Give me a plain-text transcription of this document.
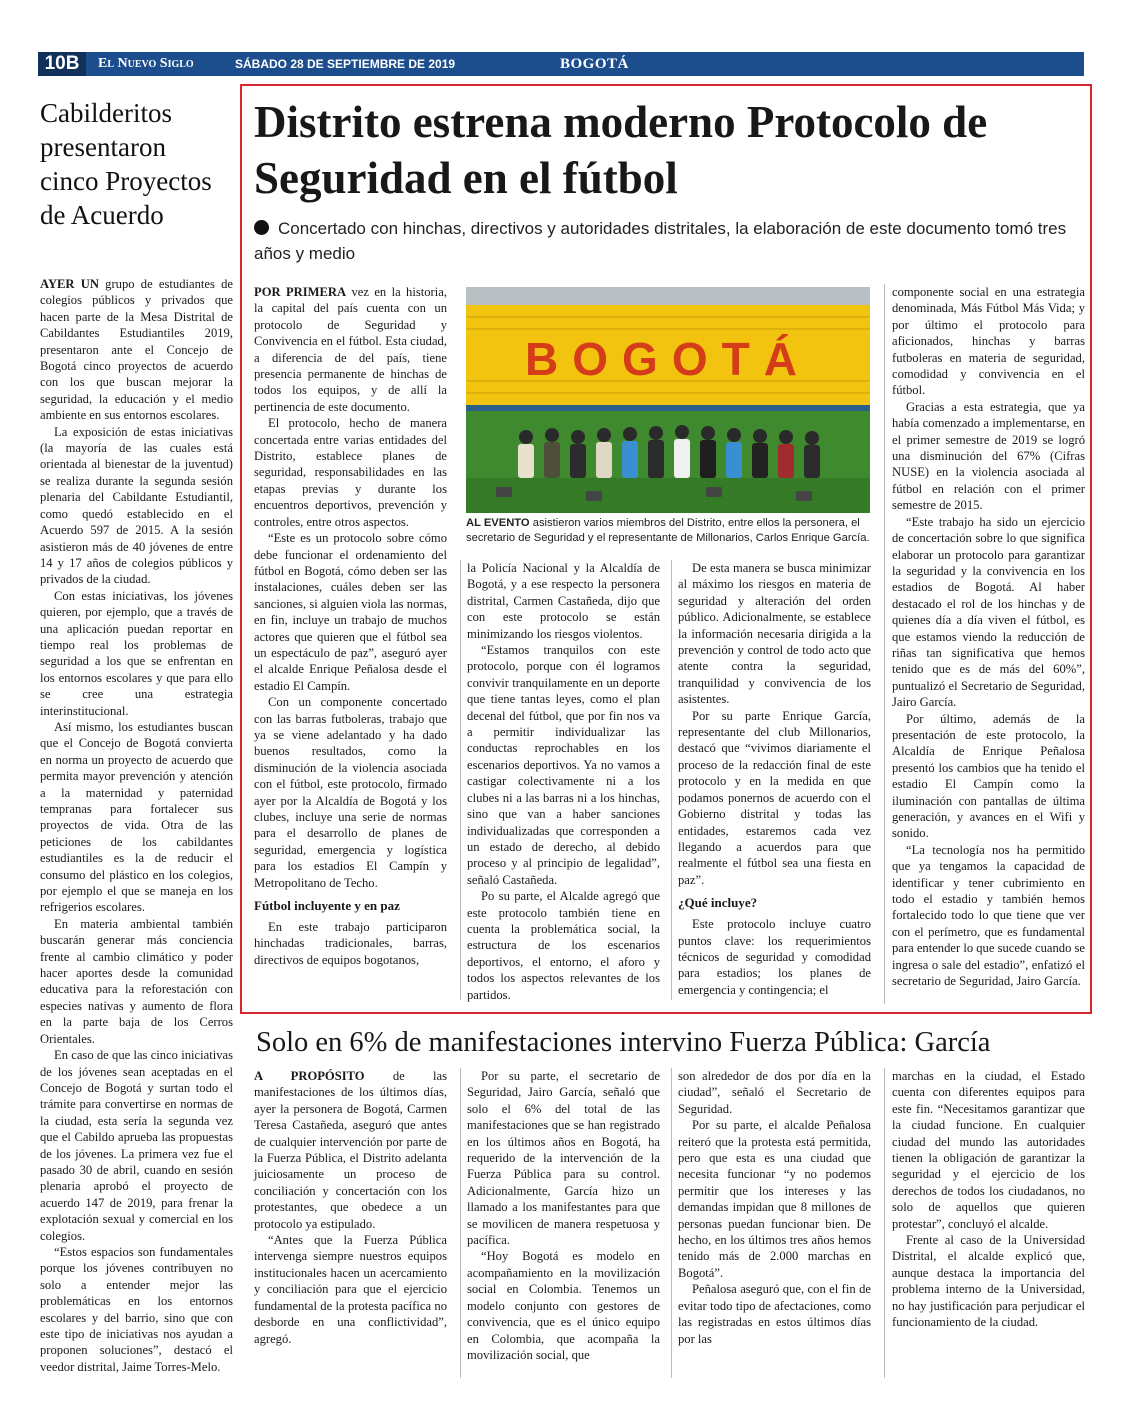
10B	El Nuevo Siglo	SÁBADO 28 DE SEPTIEMBRE DE 2019	BOGOTÁ
Cabilderitos presentaron cinco Proyectos de Acuerdo

AYER UN grupo de estudiantes de colegios públicos y privados que hacen parte de la Mesa Distrital de Cabildantes Estudiantiles 2019, presentaron ante el Concejo de Bogotá cinco proyectos de acuerdo con los que buscan mejorar la seguridad, la educación y el medio ambiente en sus entornos escolares.

La exposición de estas iniciativas (la mayoría de las cuales está orientada al bienestar de la juventud) se realiza durante la segunda sesión plenaria del Cabildante Estudiantil, como quedó establecido en el Acuerdo 597 de 2015. A la sesión asistieron más de 40 jóvenes de entre 14 y 17 años de colegios públicos y privados de la ciudad.

Con estas iniciativas, los jóvenes quieren, por ejemplo, que a través de una aplicación puedan reportar en tiempo real los problemas de seguridad a los que se enfrentan en los entornos escolares y que para ello se cree una estrategia interinstitucional.

Así mismo, los estudiantes buscan que el Concejo de Bogotá convierta en norma un proyecto de acuerdo que permita mayor prevención y atención a la maternidad y paternidad tempranas para fortalecer sus proyectos de vida. Otra de las peticiones de los cabildantes estudiantiles es la de reducir el consumo del plástico en los colegios, por ejemplo el que se maneja en los refrigerios escolares.

En materia ambiental también buscarán generar más conciencia frente al cambio climático y poder hacer aportes desde la comunidad educativa para la reforestación con especies nativas y aumento de flora en la parte baja de los Cerros Orientales.

En caso de que las cinco iniciativas de los jóvenes sean aceptadas en el Concejo de Bogotá y surtan todo el trámite para convertirse en normas de la ciudad, esta sería la segunda vez que el Cabildo aprueba las propuestas de los jóvenes. La primera vez fue el pasado 30 de abril, cuando en sesión plenaria aprobó el proyecto de acuerdo 147 de 2019, para frenar la explotación sexual y comercial en los colegios.

“Estos espacios son fundamentales porque los jóvenes contribuyen no solo a entender mejor las problemáticas en los entornos escolares y del barrio, sino que con este tipo de iniciativas nos ayudan a proponen soluciones”, destacó el veedor distrital, Jaime Torres-Melo.

Distrito estrena moderno Protocolo de Seguridad en el fútbol
Concertado con hinchas, directivos y autoridades distritales, la elaboración de este documento tomó tres años y medio

POR PRIMERA vez en la historia, la capital del país cuenta con un protocolo de Seguridad y Convivencia en el fútbol. Esta ciudad, a diferencia de del país, tiene presencia permanente de hinchas de todos los equipos, y de allí la pertinencia de este documento.

El protocolo, hecho de manera concertada entre varias entidades del Distrito, establece planes de seguridad, responsabilidades en las etapas previas y durante los encuentros deportivos, prevención y controles, entre otros aspectos.

“Este es un protocolo sobre cómo debe funcionar el ordenamiento del fútbol en Bogotá, cómo deben ser las instalaciones, cuáles deben ser las sanciones, si alguien viola las normas, en fin, incluye un trabajo de muchos actores que quieren que el fútbol sea un espectáculo de paz”, aseguró ayer el alcalde Enrique Peñalosa desde el estadio El Campín.

Con un componente concertado con las barras futboleras, trabajo que ya se viene adelantado y ha dado buenos resultados, como la disminución de la violencia asociada con el fútbol, este protocolo, firmado ayer por la Alcaldía de Bogotá y los clubes, incluye una serie de normas para el desarrollo de planes de seguridad, emergencia y logística para los estadios El Campín y Metropolitano de Techo.

Fútbol incluyente y en paz

En este trabajo participaron hinchadas tradicionales, barras, directivos de equipos bogotanos,

la Policía Nacional y la Alcaldía de Bogotá, y a ese respecto la personera distrital, Carmen Castañeda, dijo que con este protocolo se están minimizando los riesgos violentos.

“Estamos tranquilos con este protocolo, porque con él logramos convivir tranquilamente en un deporte que tiene tantas leyes, como el plan decenal del fútbol, que por fin nos va a permitir individualizar las conductas reprochables en los escenarios deportivos. Ya no vamos a castigar colectivamente ni a los clubes ni a las barras ni a los hinchas, sino que van a haber sanciones individualizadas que corresponden a un estado de derecho, al debido proceso y al principio de legalidad”, señaló Castañeda.

Po su parte, el Alcalde agregó que este protocolo también tiene en cuenta la problemática social, la estructura de los escenarios deportivos, el entorno, el aforo y todos los aspectos relevantes de los partidos.

De esta manera se busca minimizar al máximo los riesgos en materia de seguridad y alteración del orden público. Adicionalmente, se establece la información necesaria dirigida a la prevención y control de todo acto que atente contra la seguridad, tranquilidad y convivencia de los asistentes.

Por su parte Enrique García, representante del club Millonarios, destacó que “vivimos diariamente el proceso de la redacción final de este protocolo y en la medida en que podamos ponernos de acuerdo con el Gobierno distrital y todas las entidades, estaremos cada vez llegando a acuerdos para que realmente el fútbol sea una fiesta en paz”.

¿Qué incluye?

Este protocolo incluye cuatro puntos clave: los requerimientos técnicos de seguridad y comodidad para estadios; los planes de emergencia y contingencia; el

componente social en una estrategia denominada, Más Fútbol Más Vida; y por último el protocolo para aficionados, hinchas y barras futboleras en materia de seguridad, comodidad y convivencia en el fútbol.

Gracias a esta estrategia, que ya había comenzado a implementarse, en el primer semestre de 2019 se logró una disminución del 67% (Cifras NUSE) en la violencia asociada al fútbol en relación con el primer semestre de 2015.

“Este trabajo ha sido un ejercicio de concertación sobre lo que significa elaborar un protocolo para garantizar la seguridad y la convivencia en los estadios de Bogotá. Al haber destacado el rol de los hinchas y de quienes día a día viven el fútbol, es que estamos viendo la reducción de riñas tan significativa que hemos tenido que es de más del 60%”, puntualizó el Secretario de Seguridad, Jairo García.

Por último, además de la presentación de este protocolo, la Alcaldía de Enrique Peñalosa presentó los cambios que ha tenido el estadio El Campín como la iluminación con pantallas de última generación, y avances en el Wifi y sonido.

“La tecnología nos ha permitido que ya tengamos la capacidad de identificar y tener cubrimiento en todo el estadio y también hemos fortalecido todo lo que tiene que ver con el perímetro, que es fundamental para entender lo que sucede cuando se ingresa o sale del estadio”, enfatizó el secretario de Seguridad, Jairo García.

BOGOTÁ
AL EVENTO asistieron varios miembros del Distrito, entre ellos la personera, el secretario de Seguridad y el representante de Millonarios, Carlos Enrique García.
Solo en 6% de manifestaciones intervino Fuerza Pública: García

A PROPÓSITO de las manifestaciones de los últimos días, ayer la personera de Bogotá, Carmen Teresa Castañeda, aseguró que antes de cualquier intervención por parte de la Fuerza Pública, el Distrito adelanta juiciosamente un proceso de conciliación y concertación con los protestantes, que obedece a un protocolo ya estipulado.

“Antes que la Fuerza Pública intervenga siempre nuestros equipos institucionales hacen un acercamiento y conciliación para que el ejercicio fundamental de la protesta pacífica no desborde en una conflictividad”, agregó.

Por su parte, el secretario de Seguridad, Jairo García, señaló que solo el 6% del total de las manifestaciones que se han registrado en los últimos años en Bogotá, ha requerido de la intervención de la Fuerza Pública para su control. Adicionalmente, García hizo un llamado a los manifestantes para que se movilicen de manera respetuosa y pacífica.

“Hoy Bogotá es modelo en acompañamiento en la movilización social en Colombia. Tenemos un modelo conjunto con gestores de convivencia, que es el único equipo en Colombia, que acompaña la movilización social, que

son alrededor de dos por día en la ciudad”, señaló el Secretario de Seguridad.

Por su parte, el alcalde Peñalosa reiteró que la protesta está permitida, pero que esta es una ciudad que necesita funcionar “y no podemos permitir que los intereses y las demandas impidan que 8 millones de personas puedan funcionar bien. De hecho, en los últimos tres años hemos tenido más de 2.000 marchas en Bogotá”.

Peñalosa aseguró que, con el fin de evitar todo tipo de afectaciones, como las registradas en estos últimos días por las

marchas en la ciudad, el Estado cuenta con diferentes equipos para este fin. “Necesitamos garantizar que la ciudad funcione. En cualquier ciudad del mundo las autoridades tienen la obligación de garantizar la seguridad y el ejercicio de los derechos de todos los ciudadanos, no solo de aquellos que quieren protestar”, concluyó el alcalde.

Frente al caso de la Universidad Distrital, el alcalde explicó que, aunque destaca la importancia del problema interno de la Universidad, no hay justificación para perjudicar el funcionamiento de la ciudad.
